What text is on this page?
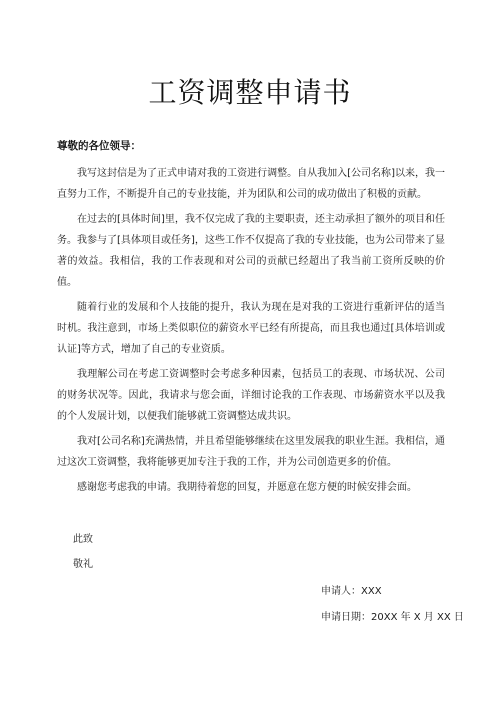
工资调整申请书
尊敬的各位领导：

我写这封信是为了正式申请对我的工资进行调整。自从我加入[公司名称]以来，我一直努力工作，不断提升自己的专业技能，并为团队和公司的成功做出了积极的贡献。

在过去的[具体时间]里，我不仅完成了我的主要职责，还主动承担了额外的项目和任务。我参与了[具体项目或任务]，这些工作不仅提高了我的专业技能，也为公司带来了显著的效益。我相信，我的工作表现和对公司的贡献已经超出了我当前工资所反映的价值。

随着行业的发展和个人技能的提升，我认为现在是对我的工资进行重新评估的适当时机。我注意到，市场上类似职位的薪资水平已经有所提高，而且我也通过[具体培训或认证]等方式，增加了自己的专业资质。

我理解公司在考虑工资调整时会考虑多种因素，包括员工的表现、市场状况、公司的财务状况等。因此，我请求与您会面，详细讨论我的工作表现、市场薪资水平以及我的个人发展计划，以便我们能够就工资调整达成共识。

我对[公司名称]充满热情，并且希望能够继续在这里发展我的职业生涯。我相信，通过这次工资调整，我将能够更加专注于我的工作，并为公司创造更多的价值。

感谢您考虑我的申请。我期待着您的回复，并愿意在您方便的时候安排会面。

此致
敬礼
申请人：XXX
申请日期：20XX 年 X 月 XX 日
